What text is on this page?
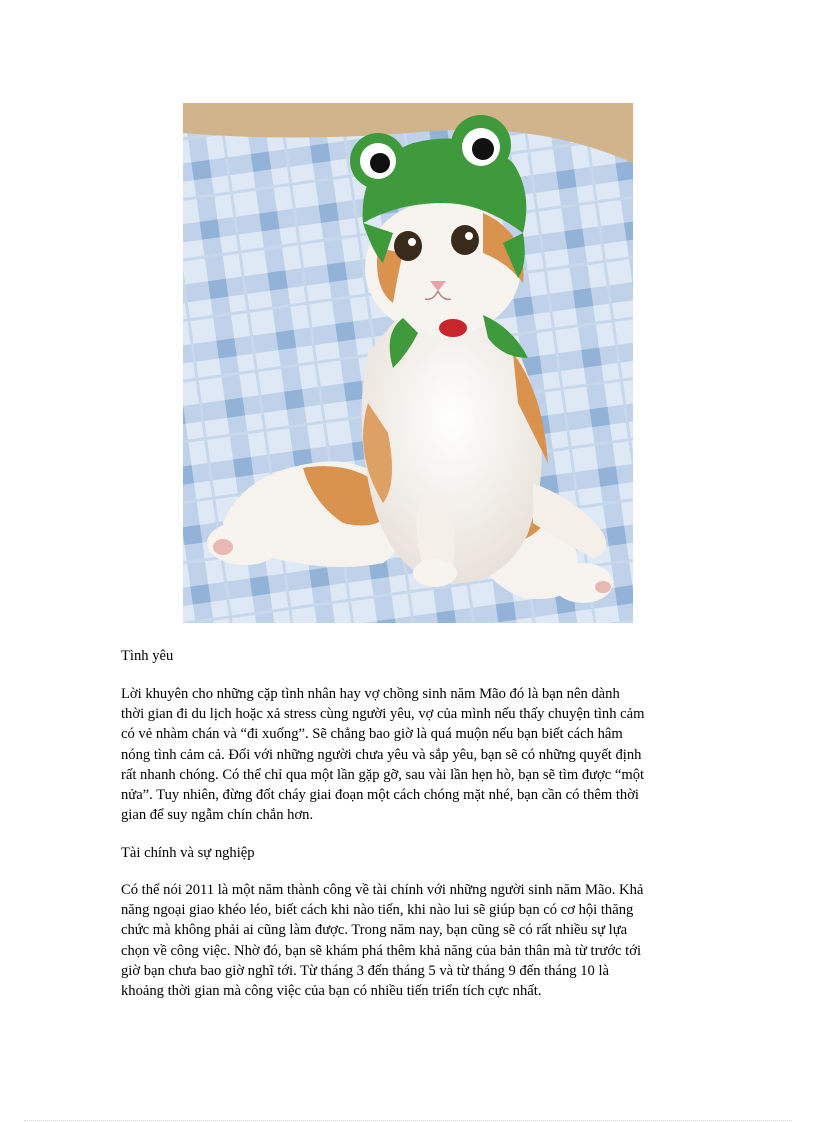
Tình yêu
Lời khuyên cho những cặp tình nhân hay vợ chồng sinh năm Mão đó là bạn nên dành
thời gian đi du lịch hoặc xả stress cùng người yêu, vợ của mình nếu thấy chuyện tình cảm
có vẻ nhàm chán và “đi xuống”. Sẽ chẳng bao giờ là quá muộn nếu bạn biết cách hâm
nóng tình cảm cả. Đối với những người chưa yêu và sắp yêu, bạn sẽ có những quyết định
rất nhanh chóng. Có thể chỉ qua một lần gặp gỡ, sau vài lần hẹn hò, bạn sẽ tìm được “một
nửa”. Tuy nhiên, đừng đốt cháy giai đoạn một cách chóng mặt nhé, bạn cần có thêm thời
gian để suy ngẫm chín chắn hơn.
Tài chính và sự nghiệp
Có thể nói 2011 là một năm thành công về tài chính với những người sinh năm Mão. Khả
năng ngoại giao khéo léo, biết cách khi nào tiến, khi nào lui sẽ giúp bạn có cơ hội thăng
chức mà không phải ai cũng làm được. Trong năm nay, bạn cũng sẽ có rất nhiều sự lựa
chọn về công việc. Nhờ đó, bạn sẽ khám phá thêm khả năng của bản thân mà từ trước tới
giờ bạn chưa bao giờ nghĩ tới. Từ tháng 3 đến tháng 5 và từ tháng 9 đến tháng 10 là
khoảng thời gian mà công việc của bạn có nhiều tiến triển tích cực nhất.
